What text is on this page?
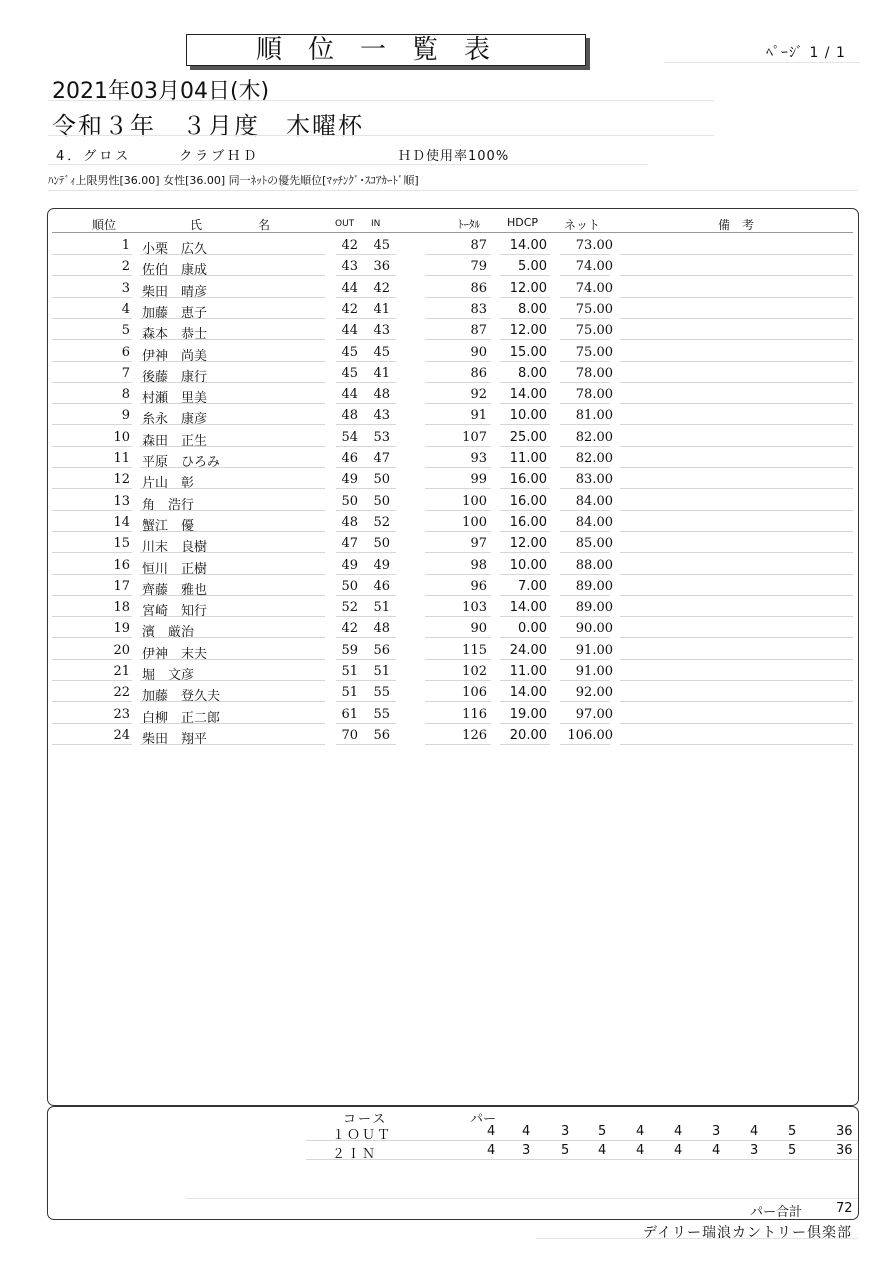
順位一覧表	ﾍﾟｰｼﾞ 1 / 1
2021年03月04日(木)
令和３年　３月度　木曜杯
4．グロス　　　クラブＨＤ	ＨＤ使用率100%
ﾊﾝﾃﾞｨ上限男性[36.00] 女性[36.00] 同一ﾈｯﾄの優先順位[ﾏｯﾁﾝｸﾞ･ｽｺｱｶｰﾄﾞ順]
順位	氏	名	OUT IN	ﾄｰﾀﾙ HDCP ネット	備　考
1 小栗　広久	42 45	87 14.00 73.00
2 佐伯　康成	43 36	79 5.00 74.00
3 柴田　晴彦	44 42	86 12.00 74.00
4 加藤　恵子	42 41	83 8.00 75.00
5 森本　恭士	44 43	87 12.00 75.00
6 伊神　尚美	45 45	90 15.00 75.00
7 後藤　康行	45 41	86 8.00 78.00
8 村瀬　里美	44 48	92 14.00 78.00
9 糸永　康彦	48 43	91 10.00 81.00
10 森田　正生	54 53	107 25.00 82.00
11 平原　ひろみ	46 47	93 11.00 82.00
12 片山　彰	49 50	99 16.00 83.00
13 角　浩行	50 50	100 16.00 84.00
14 蟹江　優	48 52	100 16.00 84.00
15 川末　良樹	47 50	97 12.00 85.00
16 恒川　正樹	49 49	98 10.00 88.00
17 齊藤　雅也	50 46	96 7.00 89.00
18 宮崎　知行	52 51	103 14.00 89.00
19 濱　厳治	42 48	90 0.00 90.00
20 伊神　末夫	59 56	115 24.00 91.00
21 堀　文彦	51 51	102 11.00 91.00
22 加藤　登久夫	51 55	106 14.00 92.00
23 白柳　正二郎	61 55	116 19.00 97.00
24 柴田　翔平	70 56	126 20.00 106.00
コース	パー
１ＯＵＴ	4 4 3 5 4 4 3 4 5	36
２ＩＮ	4 3 5 4 4 4 4 3 5	36
パー合計	72
デイリー瑞浪カントリー倶楽部
